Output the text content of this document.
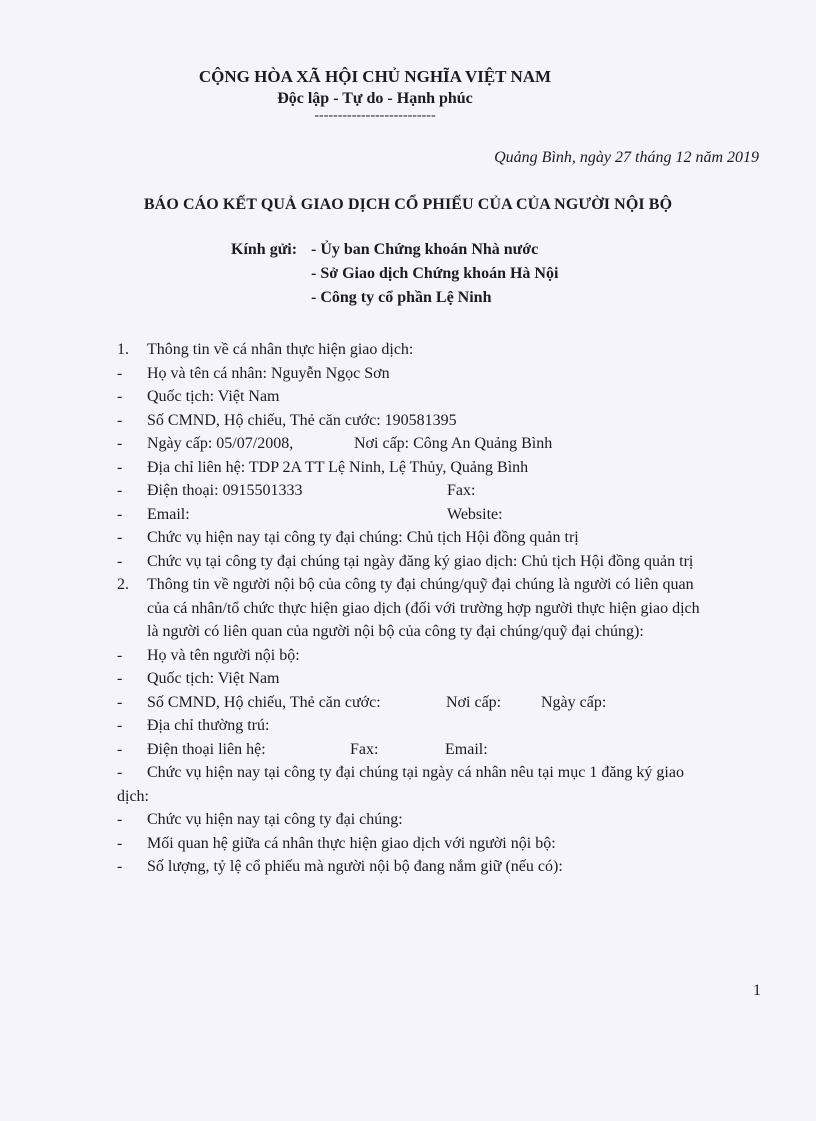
CỘNG HÒA XÃ HỘI CHỦ NGHĨA VIỆT NAM
Độc lập - Tự do - Hạnh phúc
--------------------------
Quảng Bình, ngày 27 tháng 12 năm 2019
BÁO CÁO KẾT QUẢ GIAO DỊCH CỔ PHIẾU CỦA CỦA NGƯỜI NỘI BỘ
Kính gửi: - Ủy ban Chứng khoán Nhà nước
- Sở Giao dịch Chứng khoán Hà Nội
- Công ty cổ phần Lệ Ninh
1. Thông tin về cá nhân thực hiện giao dịch:
- Họ và tên cá nhân: Nguyễn Ngọc Sơn
- Quốc tịch: Việt Nam
- Số CMND, Hộ chiếu, Thẻ căn cước: 190581395
- Ngày cấp: 05/07/2008,	Nơi cấp: Công An Quảng Bình
- Địa chỉ liên hệ: TDP 2A TT Lệ Ninh, Lệ Thủy, Quảng Bình
- Điện thoại: 0915501333	Fax:
- Email:	Website:
- Chức vụ hiện nay tại công ty đại chúng: Chủ tịch Hội đồng quản trị
- Chức vụ tại công ty đại chúng tại ngày đăng ký giao dịch: Chủ tịch Hội đồng quản trị
2. Thông tin về người nội bộ của công ty đại chúng/quỹ đại chúng là người có liên quan
của cá nhân/tổ chức thực hiện giao dịch (đối với trường hợp người thực hiện giao dịch
là người có liên quan của người nội bộ của công ty đại chúng/quỹ đại chúng):
- Họ và tên người nội bộ:
- Quốc tịch: Việt Nam
- Số CMND, Hộ chiếu, Thẻ căn cước:	Nơi cấp: Ngày cấp:
- Địa chỉ thường trú:
- Điện thoại liên hệ:	Fax:	Email:
- Chức vụ hiện nay tại công ty đại chúng tại ngày cá nhân nêu tại mục 1 đăng ký giao
dịch:
- Chức vụ hiện nay tại công ty đại chúng:
- Mối quan hệ giữa cá nhân thực hiện giao dịch với người nội bộ:
- Số lượng, tỷ lệ cổ phiếu mà người nội bộ đang nắm giữ (nếu có):
1
